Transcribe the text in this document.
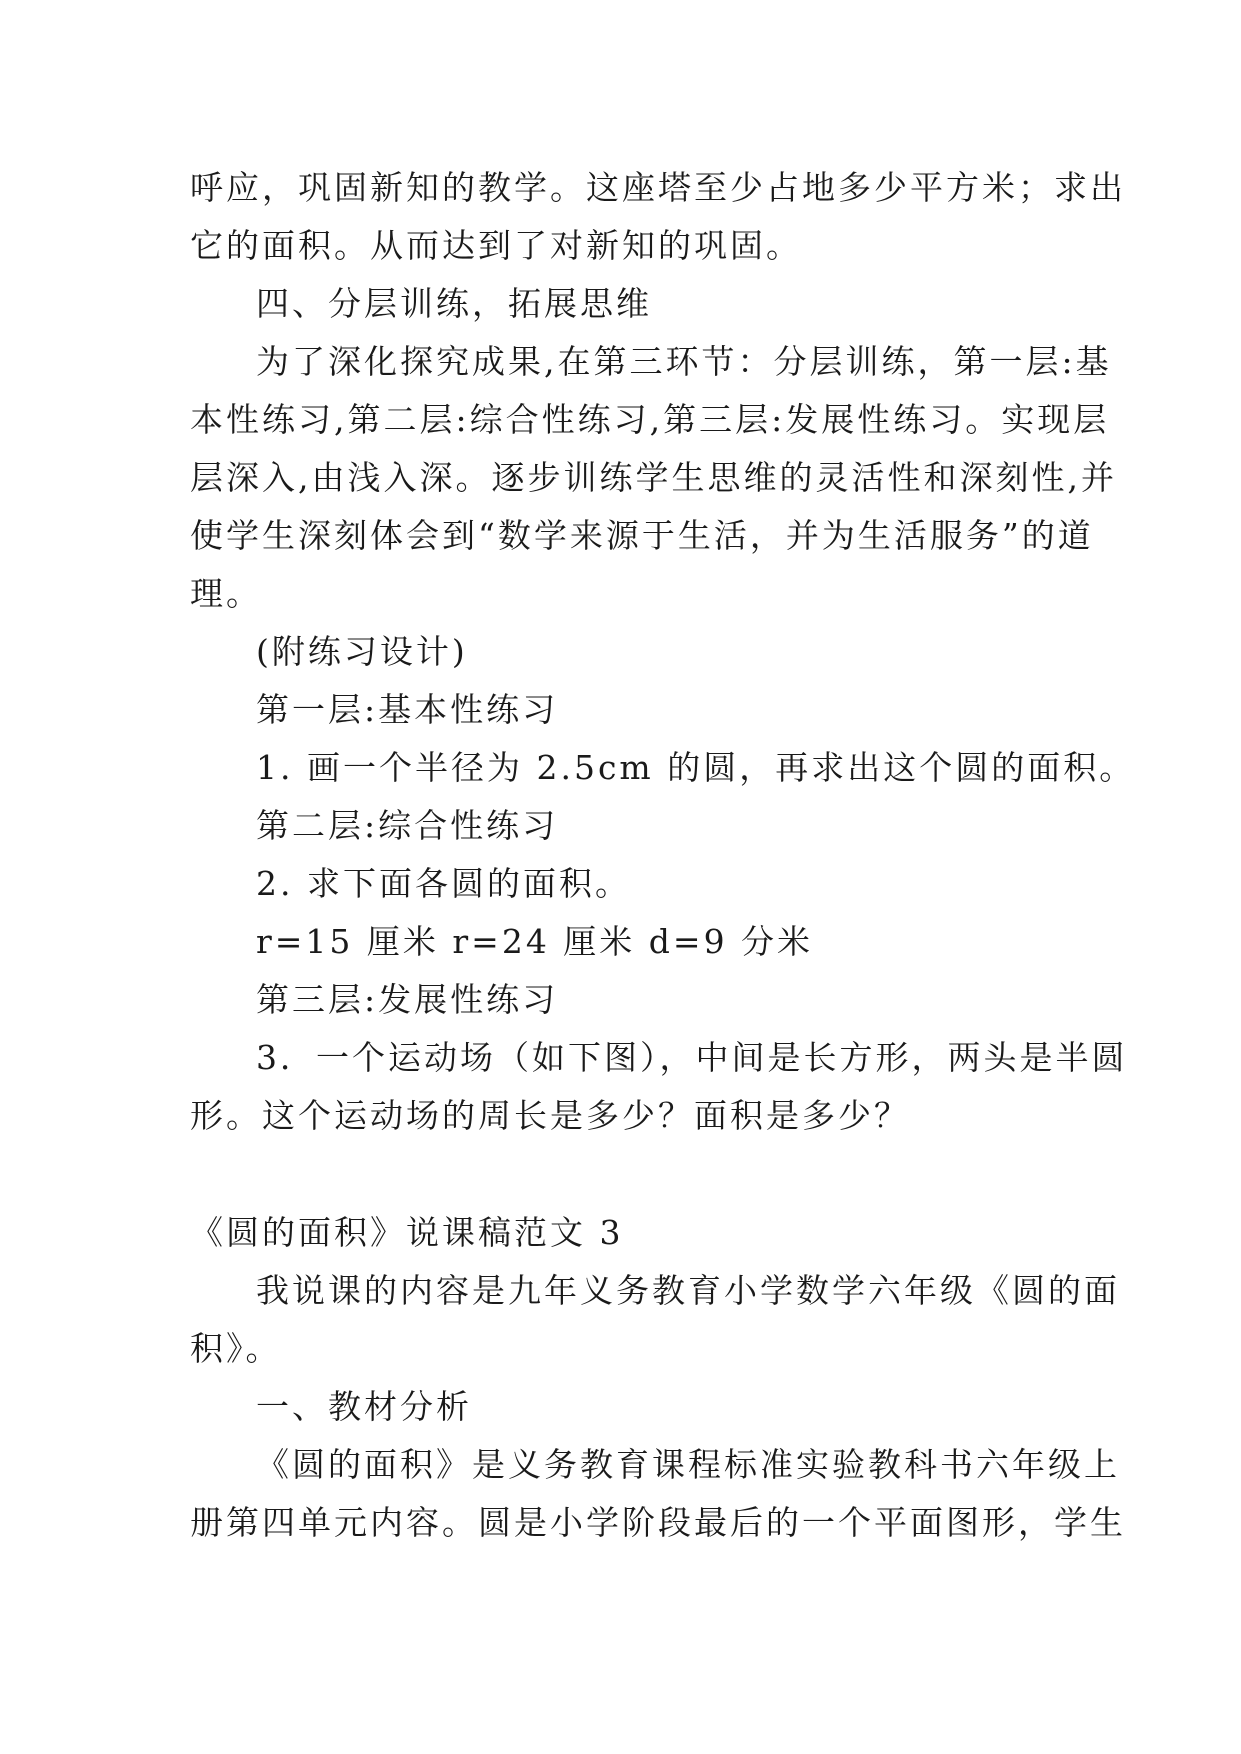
呼应，巩固新知的教学。这座塔至少占地多少平方米；求出
它的面积。从而达到了对新知的巩固。
四、分层训练，拓展思维
为了深化探究成果,在第三环节：分层训练，第一层:基
本性练习,第二层:综合性练习,第三层:发展性练习。实现层
层深入,由浅入深。逐步训练学生思维的灵活性和深刻性,并
使学生深刻体会到“数学来源于生活，并为生活服务”的道
理。
(附练习设计)
第一层:基本性练习
1. 画一个半径为 2.5cm 的圆，再求出这个圆的面积。
第二层:综合性练习
2. 求下面各圆的面积。
r=15 厘米 r=24 厘米 d=9 分米
第三层:发展性练习
3．一个运动场（如下图），中间是长方形，两头是半圆
形。这个运动场的周长是多少？面积是多少？
《圆的面积》说课稿范文 3
我说课的内容是九年义务教育小学数学六年级《圆的面
积》。
一、教材分析
《圆的面积》是义务教育课程标准实验教科书六年级上
册第四单元内容。圆是小学阶段最后的一个平面图形，学生
